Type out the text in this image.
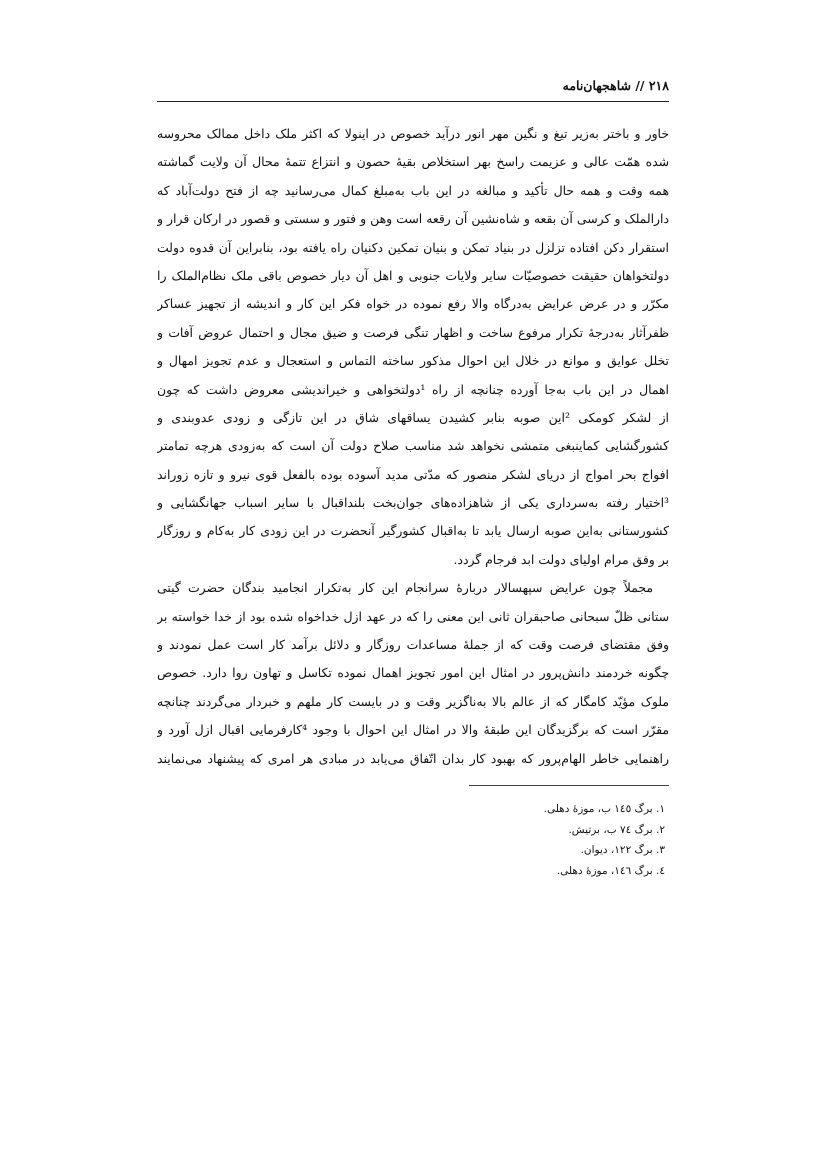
۲۱۸ // شاهجهان‌نامه
خاور و باختر به‌زیر تیغ و نگین مهر انور درآید خصوص در اینولا که اکثر ملک داخل ممالک محروسه
شده همّت عالی و عزیمت راسخ بهر استخلاص بقیهٔ حصون و انتزاع تتمهٔ محال آن ولایت گماشته
همه وقت و همه حال تأکید و مبالغه در این باب به‌مبلغ کمال می‌رسانید چه از فتح دولت‌آباد که
دارالملک و کرسی آن بقعه و شاه‌نشین آن رقعه است وهن و فتور و سستی و قصور در ارکان قرار و
استقرار دکن افتاده تزلزل در بنیاد تمکن و بنیان تمکین دکنیان راه یافته بود، بنابراین آن قدوه دولت
دولتخواهان حقیقت خصوصیّات سایر ولایات جنوبی و اهل آن دیار خصوص باقی ملک نظام‌الملک را
مکرّر و در عرض عرایض به‌درگاه والا رفع نموده در خواه فکر این کار و اندیشه از تجهیز عساکر
ظفرآثار به‌درجهٔ تکرار مرفوع ساخت و اظهار تنگی فرصت و ضیق مجال و احتمال عروض آفات و
تخلل عوایق و موانع در خلال این احوال مذکور ساخته التماس و استعجال و عدم تجویز امهال و
اهمال در این باب به‌جا آورده چنانچه از راه ¹دولتخواهی و خیراندیشی معروض داشت که چون
از لشکر کومکی ²این صوبه بنابر کشیدن یساقهای شاق در این تازگی و زودی عدوبندی و
کشورگشایی کماینبغی متمشی نخواهد شد مناسب صلاح دولت آن است که به‌زودی هرچه تمامتر
افواج بحر امواج از دریای لشکر منصور که مدّتی مدید آسوده بوده بالفعل قوی نیرو و تازه زوراند
³اختیار رفته به‌سرداری یکی از شاهزاده‌های جوان‌بخت بلنداقبال با سایر اسباب جهانگشایی و
کشورستانی به‌این صوبه ارسال یابد تا به‌اقبال کشورگیر آنحضرت در این زودی کار به‌کام و روزگار
بر وفق مرام اولیای دولت ابد فرجام گردد.
مجملاً چون عرایض سپهسالار دربارهٔ سرانجام این کار به‌تکرار انجامید بندگان حضرت گیتی
ستانی ظلّ سبحانی صاحبقران ثانی این معنی را که در عهد ازل خداخواه شده بود از خدا خواسته بر
وفق مقتضای فرصت وقت که از جملهٔ مساعدات روزگار و دلائل برآمد کار است عمل نمودند و
چگونه خردمند دانش‌پرور در امثال این امور تجویز اهمال نموده تکاسل و تهاون روا دارد. خصوص
ملوک مؤیّد کامگار که از عالم بالا به‌ناگزیر وقت و در بایست کار ملهم و خبردار می‌گردند چنانچه
مقرّر است که برگزیدگان این طبقهٔ والا در امثال این احوال با وجود ⁴کارفرمایی اقبال ازل آورد و
راهنمایی خاطر الهام‌پرور که بهبود کار بدان اتّفاق می‌یابد در مبادی هر امری که پیشنهاد می‌نمایند
۱. برگ ۱٤٥ ب، موزهٔ دهلی.
۲. برگ ۷٤ ب، برتیش.
۳. برگ ۱۲۲، دیوان.
٤. برگ ۱٤٦، موزهٔ دهلی.
